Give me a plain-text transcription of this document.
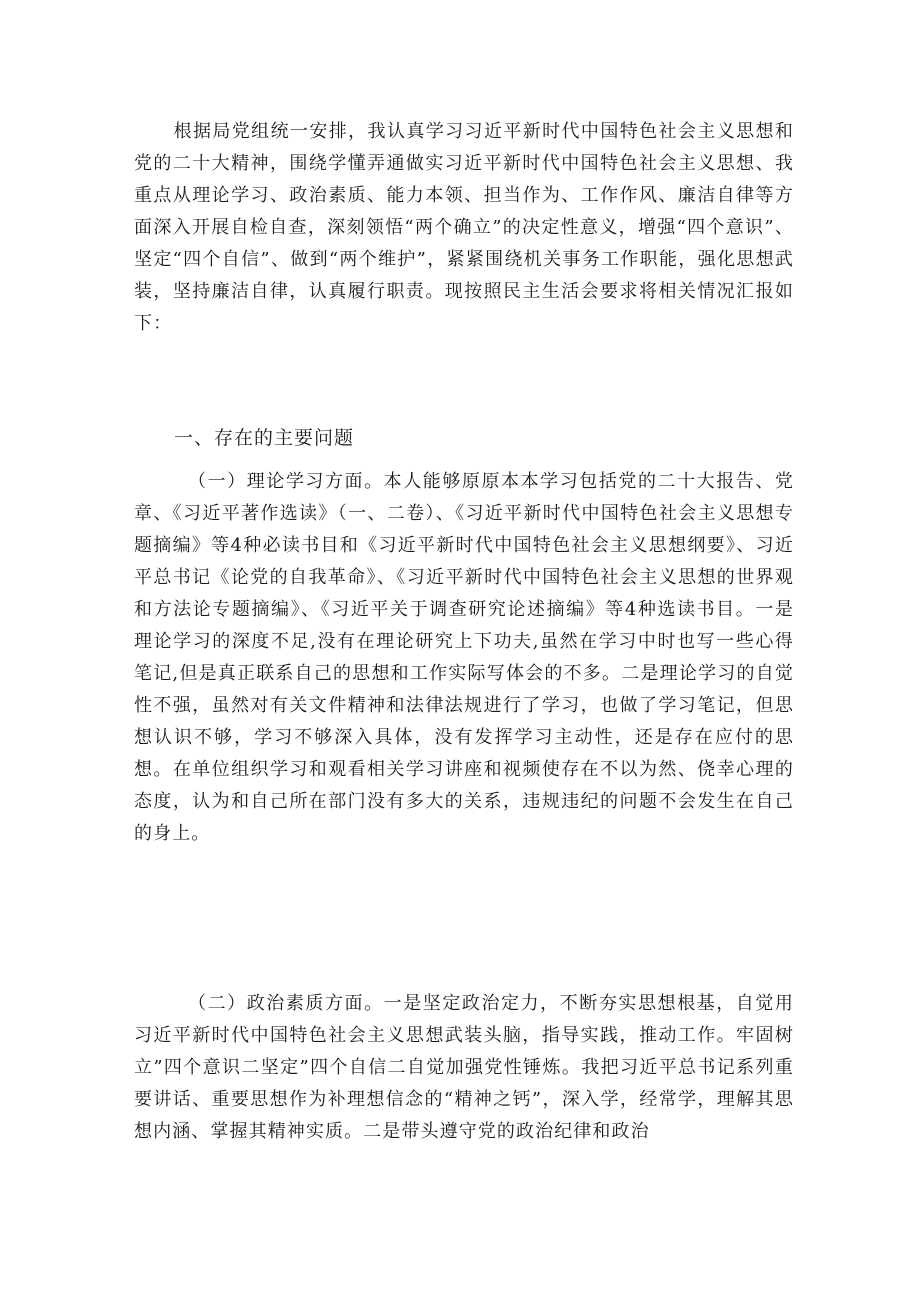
根据局党组统一安排，我认真学习习近平新时代中国特色社会主义思想和党的二十大精神，围绕学懂弄通做实习近平新时代中国特色社会主义思想、我重点从理论学习、政治素质、能力本领、担当作为、工作作风、廉洁自律等方面深入开展自检自查，深刻领悟“两个确立”的决定性意义，增强“四个意识”、坚定“四个自信”、做到“两个维护”，紧紧围绕机关事务工作职能，强化思想武装，坚持廉洁自律，认真履行职责。现按照民主生活会要求将相关情况汇报如下：

一、存在的主要问题

（一）理论学习方面。本人能够原原本本学习包括党的二十大报告、党章、《习近平著作选读》（一、二卷）、《习近平新时代中国特色社会主义思想专题摘编》等4种必读书目和《习近平新时代中国特色社会主义思想纲要》、习近平总书记《论党的自我革命》、《习近平新时代中国特色社会主义思想的世界观和方法论专题摘编》、《习近平关于调查研究论述摘编》等4种选读书目。一是理论学习的深度不足,没有在理论研究上下功夫,虽然在学习中时也写一些心得笔记,但是真正联系自己的思想和工作实际写体会的不多。二是理论学习的自觉性不强，虽然对有关文件精神和法律法规进行了学习，也做了学习笔记，但思想认识不够，学习不够深入具体，没有发挥学习主动性，还是存在应付的思想。在单位组织学习和观看相关学习讲座和视频使存在不以为然、侥幸心理的态度，认为和自己所在部门没有多大的关系，违规违纪的问题不会发生在自己的身上。

（二）政治素质方面。一是坚定政治定力，不断夯实思想根基，自觉用习近平新时代中国特色社会主义思想武装头脑，指导实践，推动工作。牢固树立”四个意识二坚定”四个自信二自觉加强党性锤炼。我把习近平总书记系列重要讲话、重要思想作为补理想信念的“精神之钙”，深入学，经常学，理解其思想内涵、掌握其精神实质。二是带头遵守党的政治纪律和政治
